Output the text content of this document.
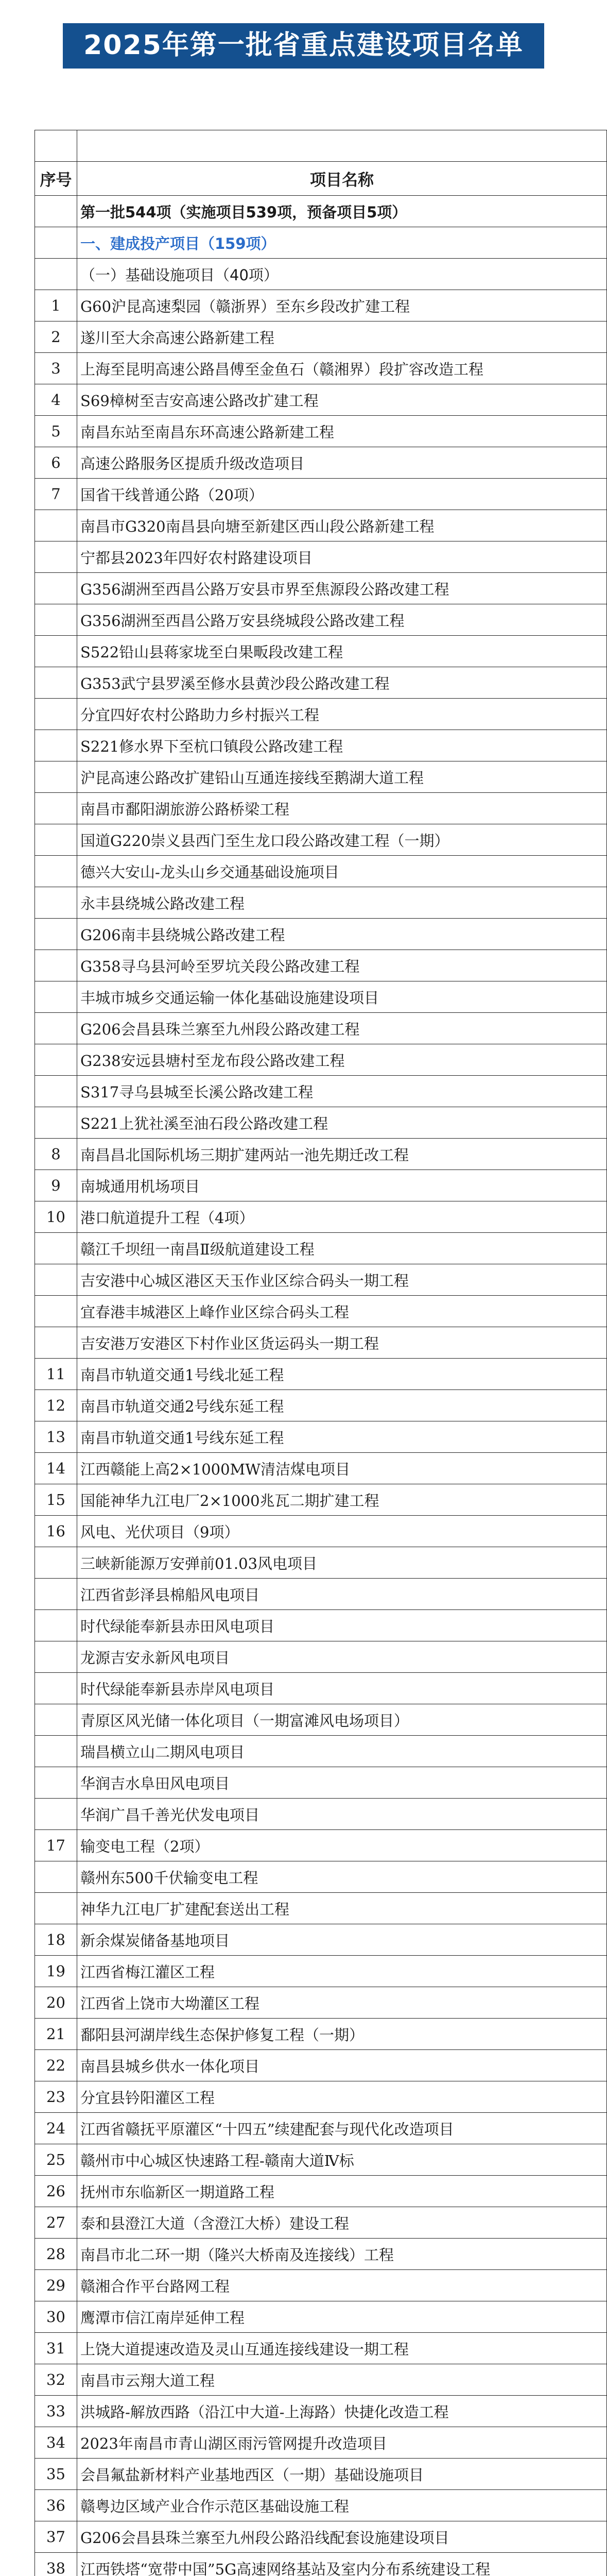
2025年第一批省重点建设项目名单

序号	项目名称
	第一批544项（实施项目539项，预备项目5项）
	一、建成投产项目（159项）
	（一）基础设施项目（40项）
1	G60沪昆高速梨园（赣浙界）至东乡段改扩建工程
2	遂川至大余高速公路新建工程
3	上海至昆明高速公路昌傅至金鱼石（赣湘界）段扩容改造工程
4	S69樟树至吉安高速公路改扩建工程
5	南昌东站至南昌东环高速公路新建工程
6	高速公路服务区提质升级改造项目
7	国省干线普通公路（20项）
	南昌市G320南昌县向塘至新建区西山段公路新建工程
	宁都县2023年四好农村路建设项目
	G356湖洲至西昌公路万安县市界至焦源段公路改建工程
	G356湖洲至西昌公路万安县绕城段公路改建工程
	S522铅山县蒋家垅至白果畈段改建工程
	G353武宁县罗溪至修水县黄沙段公路改建工程
	分宜四好农村公路助力乡村振兴工程
	S221修水界下至杭口镇段公路改建工程
	沪昆高速公路改扩建铅山互通连接线至鹅湖大道工程
	南昌市鄱阳湖旅游公路桥梁工程
	国道G220崇义县西门至生龙口段公路改建工程（一期）
	德兴大安山-龙头山乡交通基础设施项目
	永丰县绕城公路改建工程
	G206南丰县绕城公路改建工程
	G358寻乌县河岭至罗坑关段公路改建工程
	丰城市城乡交通运输一体化基础设施建设项目
	G206会昌县珠兰寨至九州段公路改建工程
	G238安远县塘村至龙布段公路改建工程
	S317寻乌县城至长溪公路改建工程
	S221上犹社溪至油石段公路改建工程
8	南昌昌北国际机场三期扩建两站一池先期迁改工程
9	南城通用机场项目
10	港口航道提升工程（4项）
	赣江千坝纽一南昌Ⅱ级航道建设工程
	吉安港中心城区港区天玉作业区综合码头一期工程
	宜春港丰城港区上峰作业区综合码头工程
	吉安港万安港区下村作业区货运码头一期工程
11	南昌市轨道交通1号线北延工程
12	南昌市轨道交通2号线东延工程
13	南昌市轨道交通1号线东延工程
14	江西赣能上高2×1000MW清洁煤电项目
15	国能神华九江电厂2×1000兆瓦二期扩建工程
16	风电、光伏项目（9项）
	三峡新能源万安弹前01.03风电项目
	江西省彭泽县棉船风电项目
	时代绿能奉新县赤田风电项目
	龙源吉安永新风电项目
	时代绿能奉新县赤岸风电项目
	青原区风光储一体化项目（一期富滩风电场项目）
	瑞昌横立山二期风电项目
	华润吉水阜田风电项目
	华润广昌千善光伏发电项目
17	输变电工程（2项）
	赣州东500千伏输变电工程
	神华九江电厂扩建配套送出工程
18	新余煤炭储备基地项目
19	江西省梅江灌区工程
20	江西省上饶市大坳灌区工程
21	鄱阳县河湖岸线生态保护修复工程（一期）
22	南昌县城乡供水一体化项目
23	分宜县钤阳灌区工程
24	江西省赣抚平原灌区“十四五”续建配套与现代化改造项目
25	赣州市中心城区快速路工程-赣南大道Ⅳ标
26	抚州市东临新区一期道路工程
27	泰和县澄江大道（含澄江大桥）建设工程
28	南昌市北二环一期（隆兴大桥南及连接线）工程
29	赣湘合作平台路网工程
30	鹰潭市信江南岸延伸工程
31	上饶大道提速改造及灵山互通连接线建设一期工程
32	南昌市云翔大道工程
33	洪城路-解放西路（沿江中大道-上海路）快捷化改造工程
34	2023年南昌市青山湖区雨污管网提升改造项目
35	会昌氟盐新材料产业基地西区（一期）基础设施项目
36	赣粤边区域产业合作示范区基础设施工程
37	G206会昌县珠兰寨至九州段公路沿线配套设施建设项目
38	江西铁塔“宽带中国”5G高速网络基站及室内分布系统建设工程
